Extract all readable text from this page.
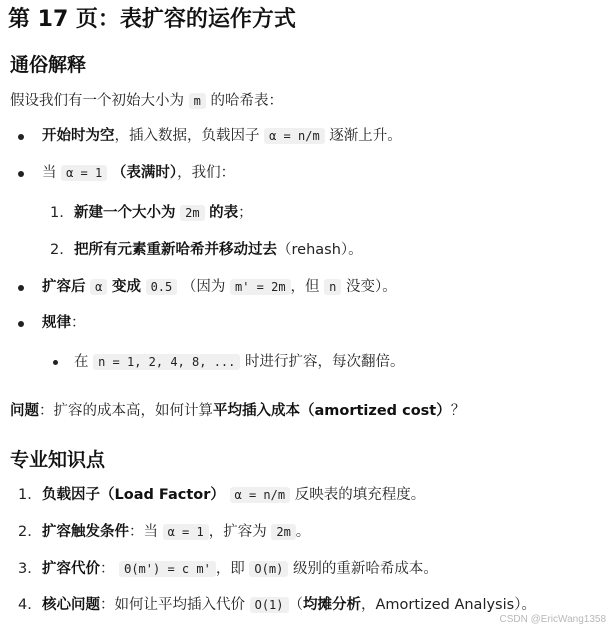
第 17 页：表扩容的运作方式
通俗解释
假设我们有一个初始大小为 m 的哈希表：
开始时为空，插入数据，负载因子 α = n/m 逐渐上升。
当 α = 1 （表满时），我们：
1. 新建一个大小为 2m 的表；
2. 把所有元素重新哈希并移动过去（rehash）。
扩容后 α 变成 0.5 （因为 m' = 2m ，但 n 没变）。
规律：
在 n = 1, 2, 4, 8, ... 时进行扩容，每次翻倍。
问题：扩容的成本高，如何计算平均插入成本（amortized cost）？
专业知识点
1. 负载因子（Load Factor） α = n/m 反映表的填充程度。
2. 扩容触发条件：当 α = 1 ，扩容为 2m 。
3. 扩容代价： Θ(m') = c m' ，即 O(m) 级别的重新哈希成本。
4. 核心问题：如何让平均插入代价 O(1) （均摊分析，Amortized Analysis）。
CSDN @EricWang1358
